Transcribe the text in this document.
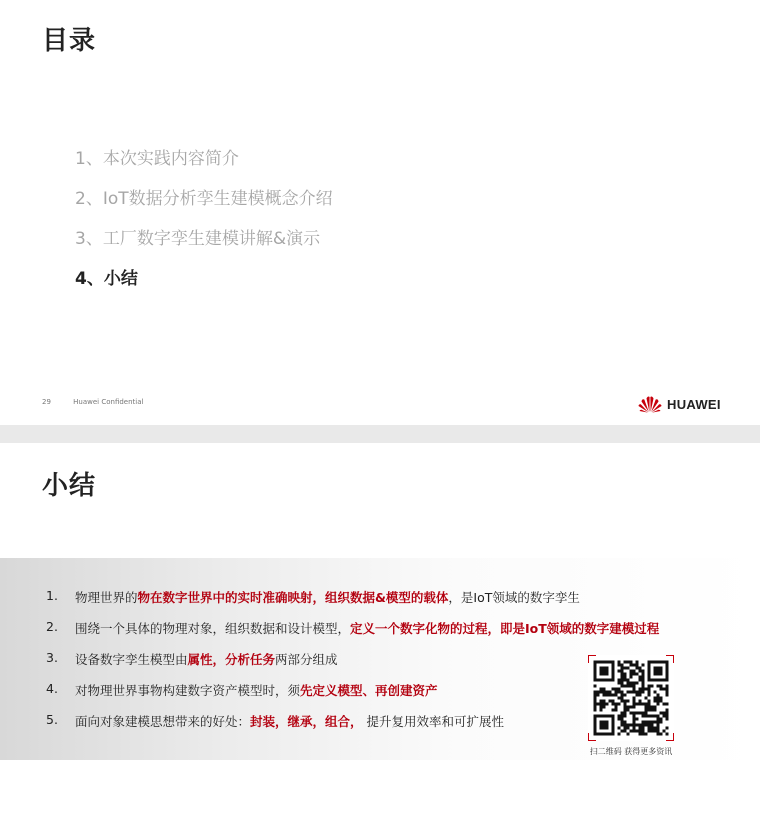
目录
1、本次实践内容简介
2、IoT数据分析孪生建模概念介绍
3、工厂数字孪生建模讲解&演示
4、小结
29	Huawei Confidential	HUAWEI
小结
1.	物理世界的物在数字世界中的实时准确映射，组织数据&模型的载体，是IoT领域的数字孪生
2.	围绕一个具体的物理对象，组织数据和设计模型，定义一个数字化物的过程，即是IoT领域的数字建模过程
3.	设备数字孪生模型由属性，分析任务两部分组成
4.	对物理世界事物构建数字资产模型时，须先定义模型、再创建资产
5.	面向对象建模思想带来的好处：封装，继承，组合， 提升复用效率和可扩展性
扫二维码 获得更多资讯
